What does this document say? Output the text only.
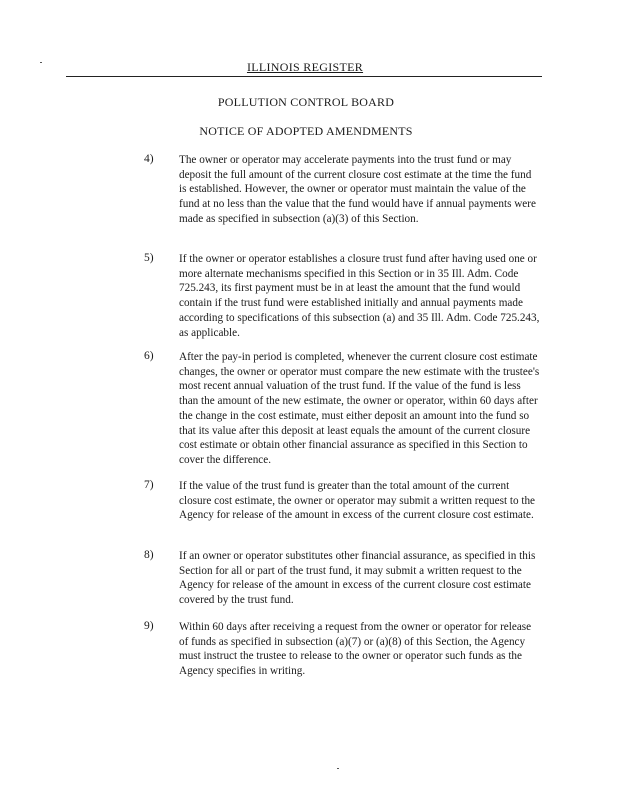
ILLINOIS REGISTER
POLLUTION CONTROL BOARD
NOTICE OF ADOPTED AMENDMENTS
4) The owner or operator may accelerate payments into the trust fund or may deposit the full amount of the current closure cost estimate at the time the fund is established. However, the owner or operator must maintain the value of the fund at no less than the value that the fund would have if annual payments were made as specified in subsection (a)(3) of this Section.
5) If the owner or operator establishes a closure trust fund after having used one or more alternate mechanisms specified in this Section or in 35 Ill. Adm. Code 725.243, its first payment must be in at least the amount that the fund would contain if the trust fund were established initially and annual payments made according to specifications of this subsection (a) and 35 Ill. Adm. Code 725.243, as applicable.
6) After the pay-in period is completed, whenever the current closure cost estimate changes, the owner or operator must compare the new estimate with the trustee's most recent annual valuation of the trust fund. If the value of the fund is less than the amount of the new estimate, the owner or operator, within 60 days after the change in the cost estimate, must either deposit an amount into the fund so that its value after this deposit at least equals the amount of the current closure cost estimate or obtain other financial assurance as specified in this Section to cover the difference.
7) If the value of the trust fund is greater than the total amount of the current closure cost estimate, the owner or operator may submit a written request to the Agency for release of the amount in excess of the current closure cost estimate.
8) If an owner or operator substitutes other financial assurance, as specified in this Section for all or part of the trust fund, it may submit a written request to the Agency for release of the amount in excess of the current closure cost estimate covered by the trust fund.
9) Within 60 days after receiving a request from the owner or operator for release of funds as specified in subsection (a)(7) or (a)(8) of this Section, the Agency must instruct the trustee to release to the owner or operator such funds as the Agency specifies in writing.
